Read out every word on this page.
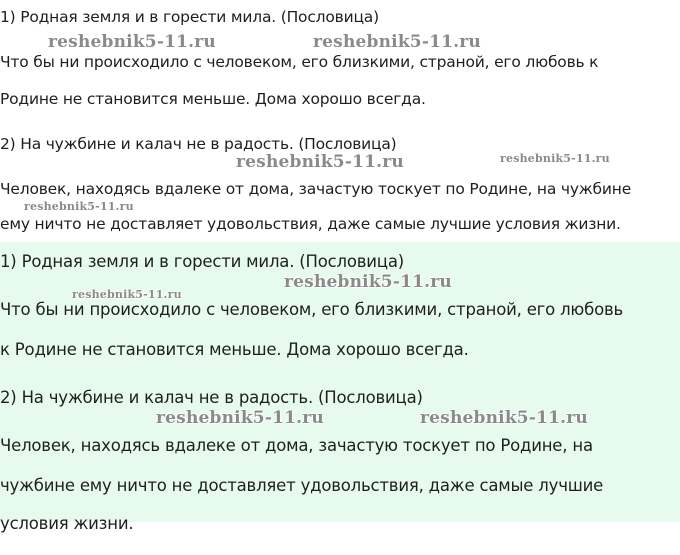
1) Родная земля и в горести мила. (Пословица)
Что бы ни происходило с человеком, его близкими, страной, его любовь к
Родине не становится меньше. Дома хорошо всегда.
2) На чужбине и калач не в радость. (Пословица)
Человек, находясь вдалеке от дома, зачастую тоскует по Родине, на чужбине
ему ничто не доставляет удовольствия, даже самые лучшие условия жизни.
reshebnik5-11.ru	reshebnik5-11.ru
reshebnik5-11.ru	reshebnik5-11.ru
reshebnik5-11.ru
1) Родная земля и в горести мила. (Пословица)
Что бы ни происходило с человеком, его близкими, страной, его любовь
к Родине не становится меньше. Дома хорошо всегда.
2) На чужбине и калач не в радость. (Пословица)
Человек, находясь вдалеке от дома, зачастую тоскует по Родине, на
чужбине ему ничто не доставляет удовольствия, даже самые лучшие
условия жизни.
reshebnik5-11.ru
reshebnik5-11.ru
reshebnik5-11.ru	reshebnik5-11.ru
